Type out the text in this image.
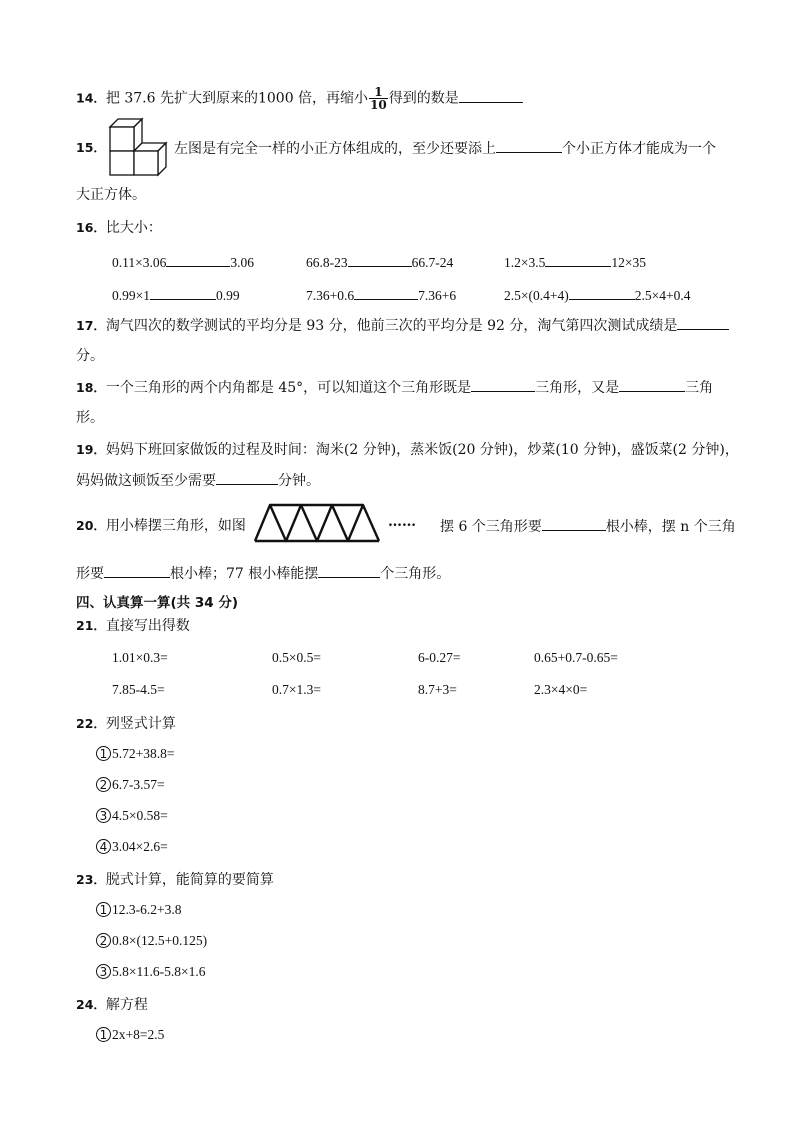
14．把 37.6 先扩大到原来的1000 倍，再缩小 $\frac{1}{10}$ 得到的数是
15．	左图是有完全一样的小正方体组成的，至少还要添上	个小正方体才能成为一个
大正方体。
16．比大小：
0.11×3.06	3.06	66.8-23	66.7-24	1.2×3.5	12×35
0.99×1	0.99	7.36+0.6	7.36+6	2.5×(0.4+4)	2.5×4+0.4
17．淘气四次的数学测试的平均分是 93 分，他前三次的平均分是 92 分，淘气第四次测试成绩是
分。
18．一个三角形的两个内角都是 45°，可以知道这个三角形既是	三角形，又是	三角
形。
19．妈妈下班回家做饭的过程及时间：淘米(2 分钟)，蒸米饭(20 分钟)，炒菜(10 分钟)，盛饭菜(2 分钟)，
妈妈做这顿饭至少需要	分钟。
20．用小棒摆三角形，如图	…… 摆 6 个三角形要	根小棒，摆 n 个三角
形要	根小棒；77 根小棒能摆	个三角形。
四、认真算一算(共 34 分)
21．直接写出得数
1.01×0.3=	0.5×0.5=	6-0.27=	0.65+0.7-0.65=
7.85-4.5=	0.7×1.3=	8.7+3=	2.3×4×0=
22．列竖式计算
1 5.72+38.8=
2 6.7-3.57=
3 4.5×0.58=
4 3.04×2.6=
23．脱式计算，能简算的要简算
1 12.3-6.2+3.8
2 0.8×(12.5+0.125)
3 5.8×11.6-5.8×1.6
24．解方程
1 2x+8=2.5
